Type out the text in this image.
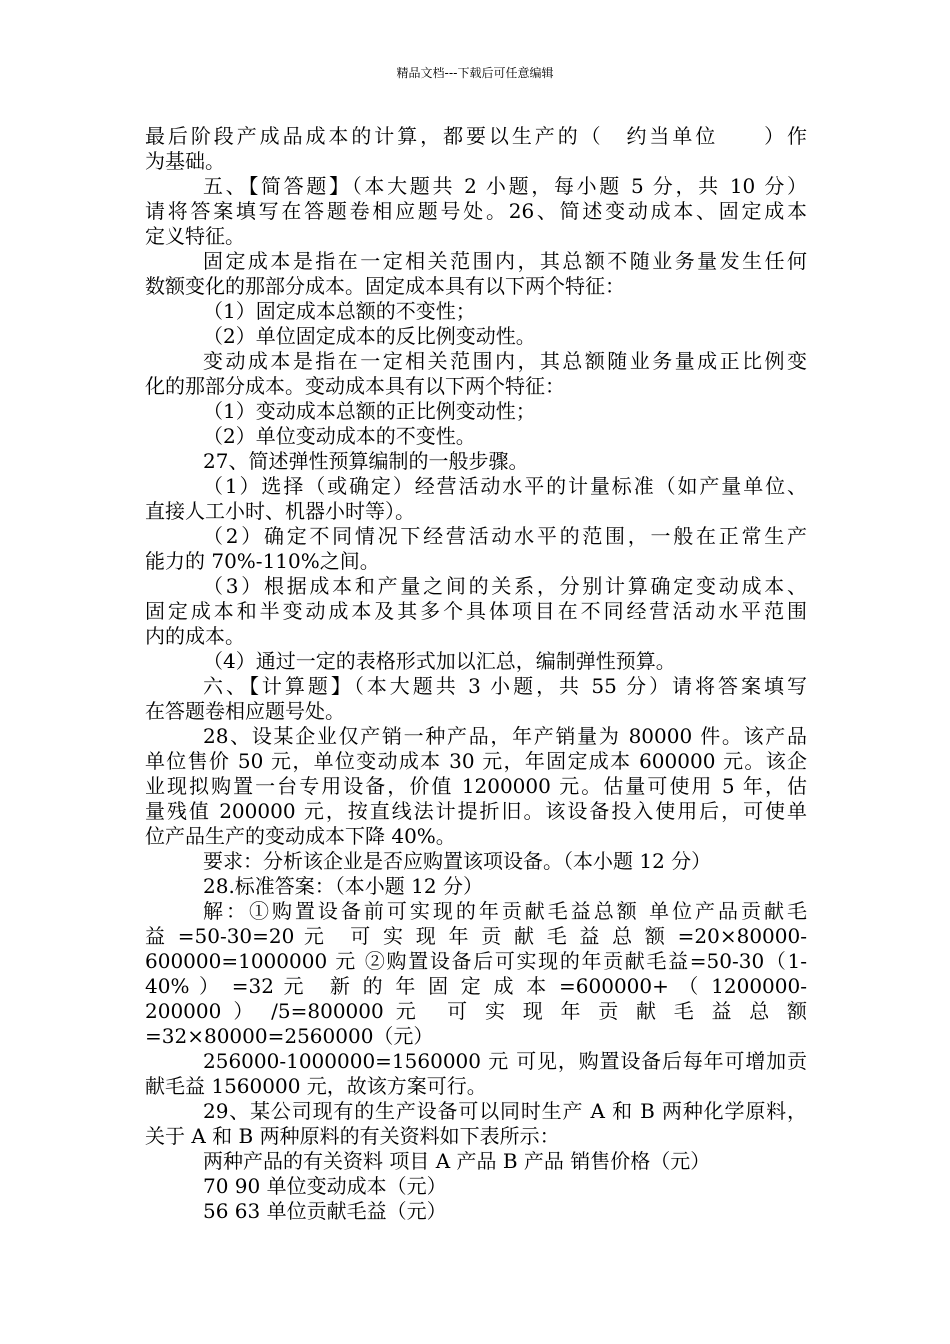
精品文档---下载后可任意编辑
最后阶段产成品成本的计算，都要以生产的（　约当单位　　）作
为基础。
五、【简答题】（本大题共 2 小题，每小题 5 分，共 10 分）
请将答案填写在答题卷相应题号处。26、简述变动成本、固定成本
定义特征。
固定成本是指在一定相关范围内，其总额不随业务量发生任何
数额变化的那部分成本。固定成本具有以下两个特征：
（1）固定成本总额的不变性；
（2）单位固定成本的反比例变动性。
变动成本是指在一定相关范围内，其总额随业务量成正比例变
化的那部分成本。变动成本具有以下两个特征：
（1）变动成本总额的正比例变动性；
（2）单位变动成本的不变性。
27、简述弹性预算编制的一般步骤。
（1）选择（或确定）经营活动水平的计量标准（如产量单位、
直接人工小时、机器小时等）。
（2）确定不同情况下经营活动水平的范围，一般在正常生产
能力的 70%-110%之间。
（3）根据成本和产量之间的关系，分别计算确定变动成本、
固定成本和半变动成本及其多个具体项目在不同经营活动水平范围
内的成本。
（4）通过一定的表格形式加以汇总，编制弹性预算。
六、【计算题】（本大题共 3 小题，共 55 分）请将答案填写
在答题卷相应题号处。
28、设某企业仅产销一种产品，年产销量为 80000 件。该产品
单位售价 50 元，单位变动成本 30 元，年固定成本 600000 元。该企
业现拟购置一台专用设备，价值 1200000 元。估量可使用 5 年，估
量残值 200000 元，按直线法计提折旧。该设备投入使用后，可使单
位产品生产的变动成本下降 40%。
要求：分析该企业是否应购置该项设备。（本小题 12 分）
28.标准答案：（本小题 12 分）
解：①购置设备前可实现的年贡献毛益总额 单位产品贡献毛
益 =50-30=20 元　可 实 现 年 贡 献 毛 益 总 额 =20×80000-
600000=1000000 元 ②购置设备后可实现的年贡献毛益=50-30（1-
40% ） =32 元　新 的 年 固 定 成 本 =600000+ （ 1200000-
200000 ） /5=800000 元　可 实 现 年 贡 献 毛 益 总 额
=32×80000=2560000（元）
256000-1000000=1560000 元 可见，购置设备后每年可增加贡
献毛益 1560000 元，故该方案可行。
29、某公司现有的生产设备可以同时生产 A 和 B 两种化学原料，
关于 A 和 B 两种原料的有关资料如下表所示：
两种产品的有关资料 项目 A 产品 B 产品 销售价格（元）
70 90 单位变动成本（元）
56 63 单位贡献毛益（元）
